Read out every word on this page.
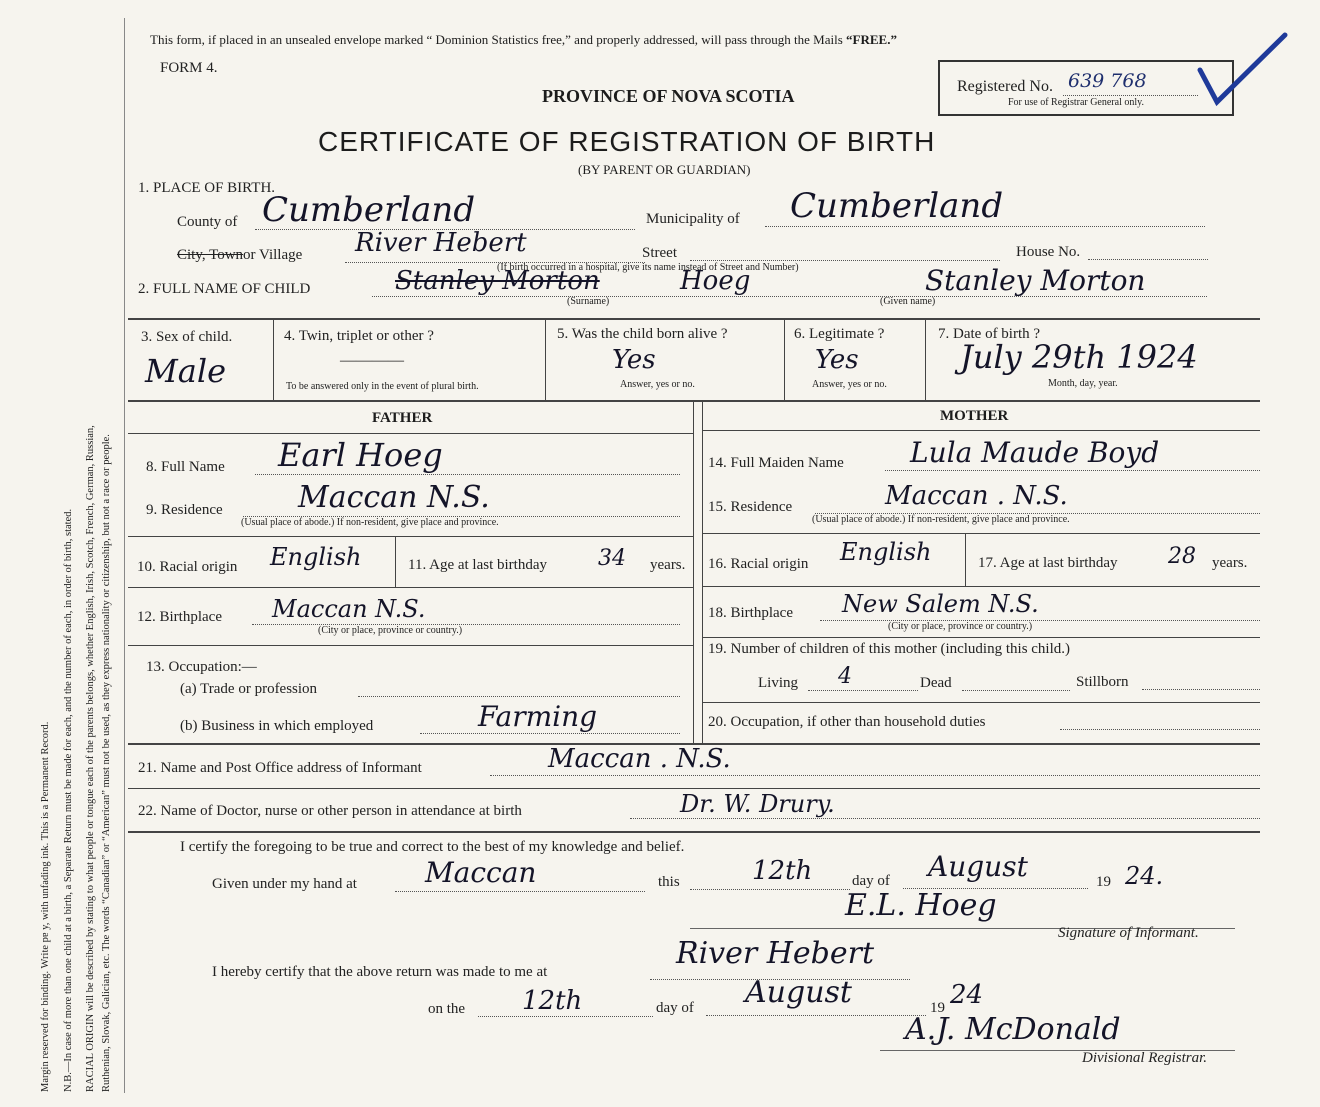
Margin reserved for binding. Write pɐ y, with unfading ink. This is a Permanent Record. N.B.—In case of more than one child at a birth, a Separate Return must be made for each, and the number of each, in order of birth, stated. RACIAL ORIGIN will be described by stating to what people or tongue each of the parents belongs, whether English, Irish, Scotch, French, German, Russian, Ruthenian, Slovak, Galician, etc. The words “Canadian” or “American” must not be used, as they express nationality or citizenship, but not a race or people.
This form, if placed in an unsealed envelope marked “ Dominion Statistics free,” and properly addressed, will pass through the Mails “FREE.”
FORM 4.
PROVINCE OF NOVA SCOTIA	Registered No. 639 768
For use of Registrar General only.
CERTIFICATE OF REGISTRATION OF BIRTH
(BY PARENT OR GUARDIAN)
1. PLACE OF BIRTH.
County of Cumberland	Municipality of Cumberland
City, Townor Village River Hebert	Street	House No.
(If birth occurred in a hospital, give its name instead of Street and Number)
2. FULL NAME OF CHILD	Stanley Morton	Hoeg
(Surname)
Stanley Morton
(Given name)
3. Sex of child.
Male
4. Twin, triplet or other ?
————
To be answered only in the event of plural birth.
5. Was the child born alive ?
Yes
Answer, yes or no.
6. Legitimate ?
Yes
Answer, yes or no.
7. Date of birth ?
July 29th 1924
Month, day, year.
FATHER	MOTHER
8. Full Name Earl Hoeg
9. Residence	Maccan N.S.
(Usual place of abode.) If non-resident, give place and province.
10. Racial origin English	11. Age at last birthday 34 years.
12. Birthplace Maccan N.S.
(City or place, province or country.)
13. Occupation:—
(a) Trade or profession
(b) Business in which employed	Farming
14. Full Maiden Name Lula Maude Boyd
15. Residence	Maccan . N.S.
(Usual place of abode.) If non-resident, give place and province.
16. Racial origin English	17. Age at last birthday 28 years.
18. Birthplace New Salem N.S.
(City or place, province or country.)
19. Number of children of this mother (including this child.)
Living 4	Dead	Stillborn
20. Occupation, if other than household duties
21. Name and Post Office address of Informant	Maccan . N.S.
22. Name of Doctor, nurse or other person in attendance at birth	Dr. W. Drury.
I certify the foregoing to be true and correct to the best of my knowledge and belief.
Given under my hand at Maccan	this	12th	day of August	19 24.
E.L. Hoeg
Signature of Informant.
I hereby certify that the above return was made to me at
River Hebert
on the 12th	day of August	19 24
A.J. McDonald
Divisional Registrar.
